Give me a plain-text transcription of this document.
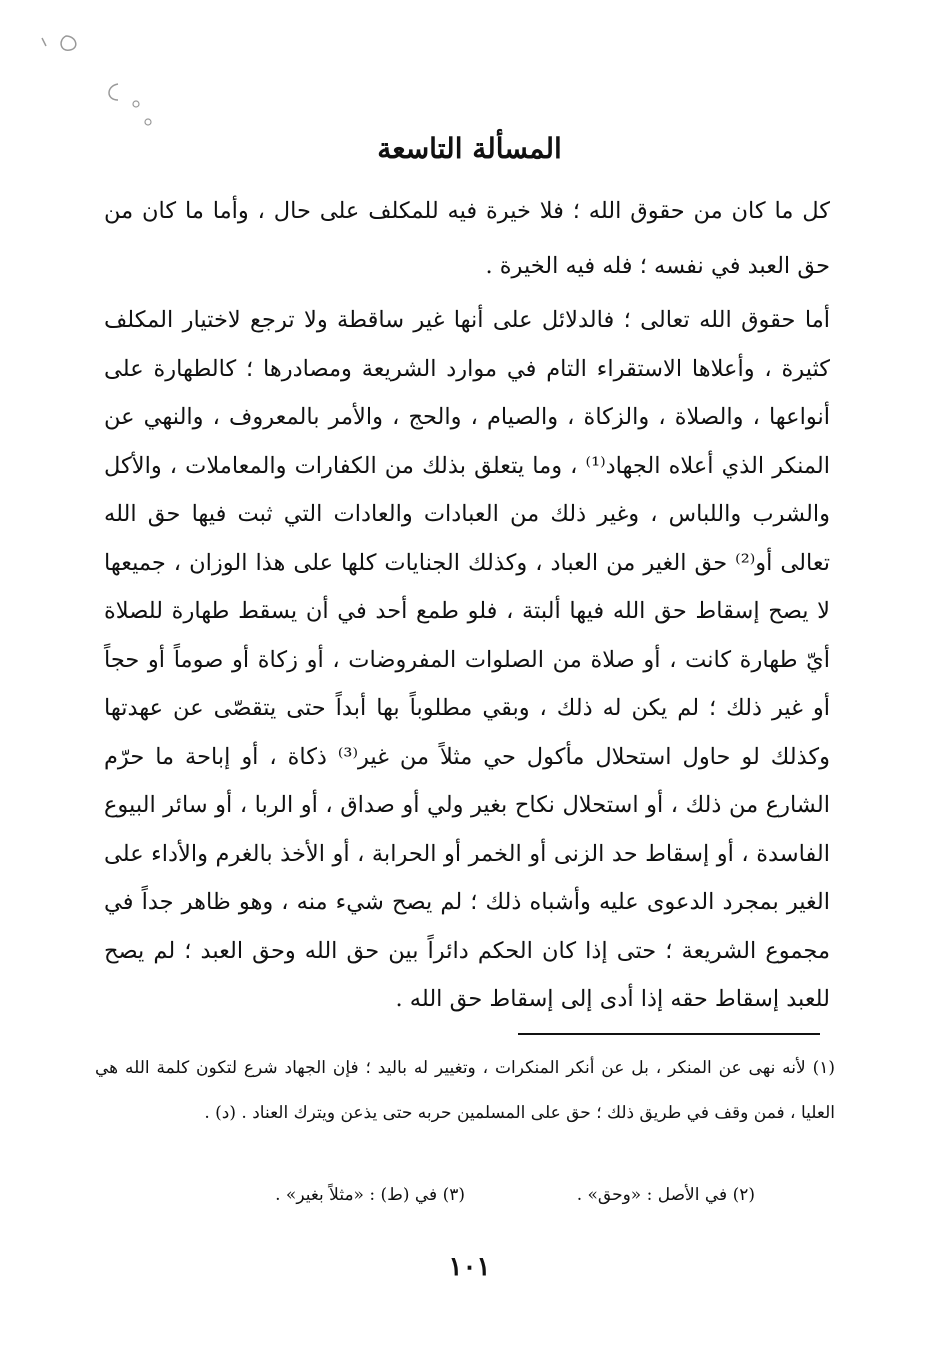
المسألة التاسعة

كل ما كان من حقوق الله ؛ فلا خيرة فيه للمكلف على حال ، وأما ما كان من حق العبد في نفسه ؛ فله فيه الخيرة .

أما حقوق الله تعالى ؛ فالدلائل على أنها غير ساقطة ولا ترجع لاختيار المكلف كثيرة ، وأعلاها الاستقراء التام في موارد الشريعة ومصادرها ؛ كالطهارة على أنواعها ، والصلاة ، والزكاة ، والصيام ، والحج ، والأمر بالمعروف ، والنهي عن المنكر الذي أعلاه الجهاد⁽¹⁾ ، وما يتعلق بذلك من الكفارات والمعاملات ، والأكل والشرب واللباس ، وغير ذلك من العبادات والعادات التي ثبت فيها حق الله تعالى أو⁽²⁾ حق الغير من العباد ، وكذلك الجنايات كلها على هذا الوزان ، جميعها لا يصح إسقاط حق الله فيها ألبتة ، فلو طمع أحد في أن يسقط طهارة للصلاة أيّ طهارة كانت ، أو صلاة من الصلوات المفروضات ، أو زكاة أو صوماً أو حجاً أو غير ذلك ؛ لم يكن له ذلك ، وبقي مطلوباً بها أبداً حتى يتقصّى عن عهدتها وكذلك لو حاول استحلال مأكول حي مثلاً من غير⁽³⁾ ذكاة ، أو إباحة ما حرّم الشارع من ذلك ، أو استحلال نكاح بغير ولي أو صداق ، أو الربا ، أو سائر البيوع الفاسدة ، أو إسقاط حد الزنى أو الخمر أو الحرابة ، أو الأخذ بالغرم والأداء على الغير بمجرد الدعوى عليه وأشباه ذلك ؛ لم يصح شيء منه ، وهو ظاهر جداً في مجموع الشريعة ؛ حتى إذا كان الحكم دائراً بين حق الله وحق العبد ؛ لم يصح للعبد إسقاط حقه إذا أدى إلى إسقاط حق الله .

(١) لأنه نهى عن المنكر ، بل عن أنكر المنكرات ، وتغيير له باليد ؛ فإن الجهاد شرع لتكون كلمة الله هي العليا ، فمن وقف في طريق ذلك ؛ حق على المسلمين حربه حتى يذعن ويترك العناد . (د) .

(٢) في الأصل : «وحق» .
(٣) في (ط) : «مثلاً بغير» .
١٠١
